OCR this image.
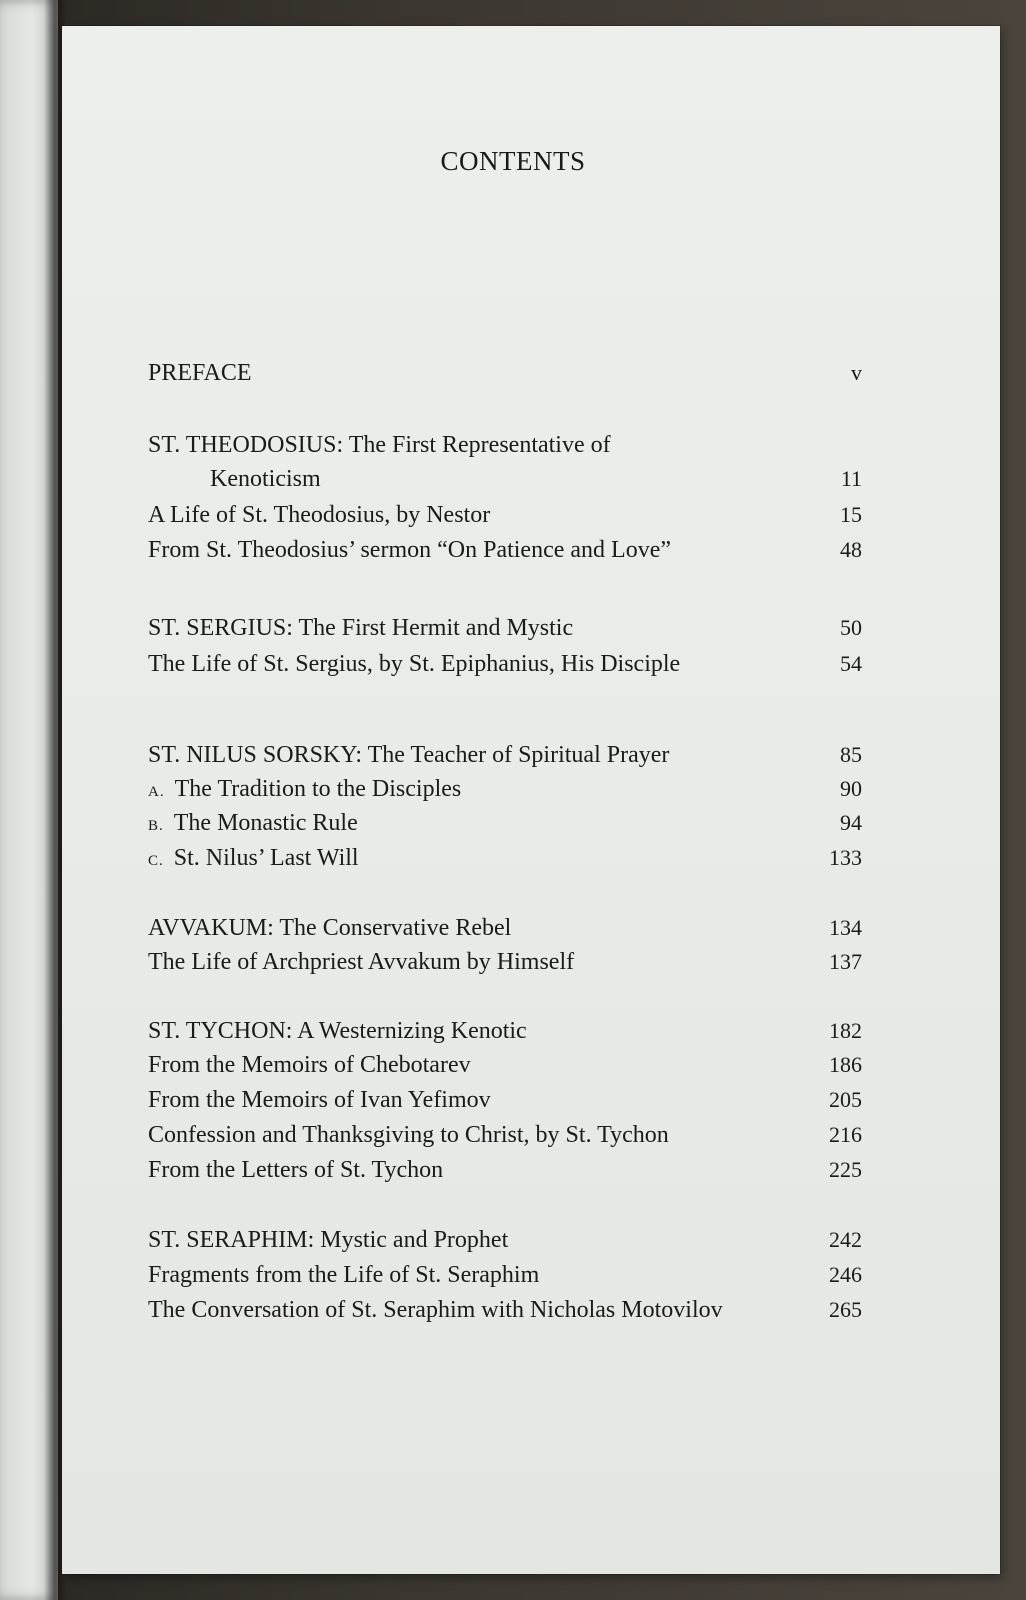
CONTENTS
PREFACE	v
ST. THEODOSIUS: The First Representative of
Kenoticism	11
A Life of St. Theodosius, by Nestor	15
From St. Theodosius’ sermon “On Patience and Love”	48
ST. SERGIUS: The First Hermit and Mystic	50
The Life of St. Sergius, by St. Epiphanius, His Disciple	54
ST. NILUS SORSKY: The Teacher of Spiritual Prayer	85
A. The Tradition to the Disciples	90
B. The Monastic Rule	94
C. St. Nilus’ Last Will	133
AVVAKUM: The Conservative Rebel	134
The Life of Archpriest Avvakum by Himself	137
ST. TYCHON: A Westernizing Kenotic	182
From the Memoirs of Chebotarev	186
From the Memoirs of Ivan Yefimov	205
Confession and Thanksgiving to Christ, by St. Tychon	216
From the Letters of St. Tychon	225
ST. SERAPHIM: Mystic and Prophet	242
Fragments from the Life of St. Seraphim	246
The Conversation of St. Seraphim with Nicholas Motovilov	265
